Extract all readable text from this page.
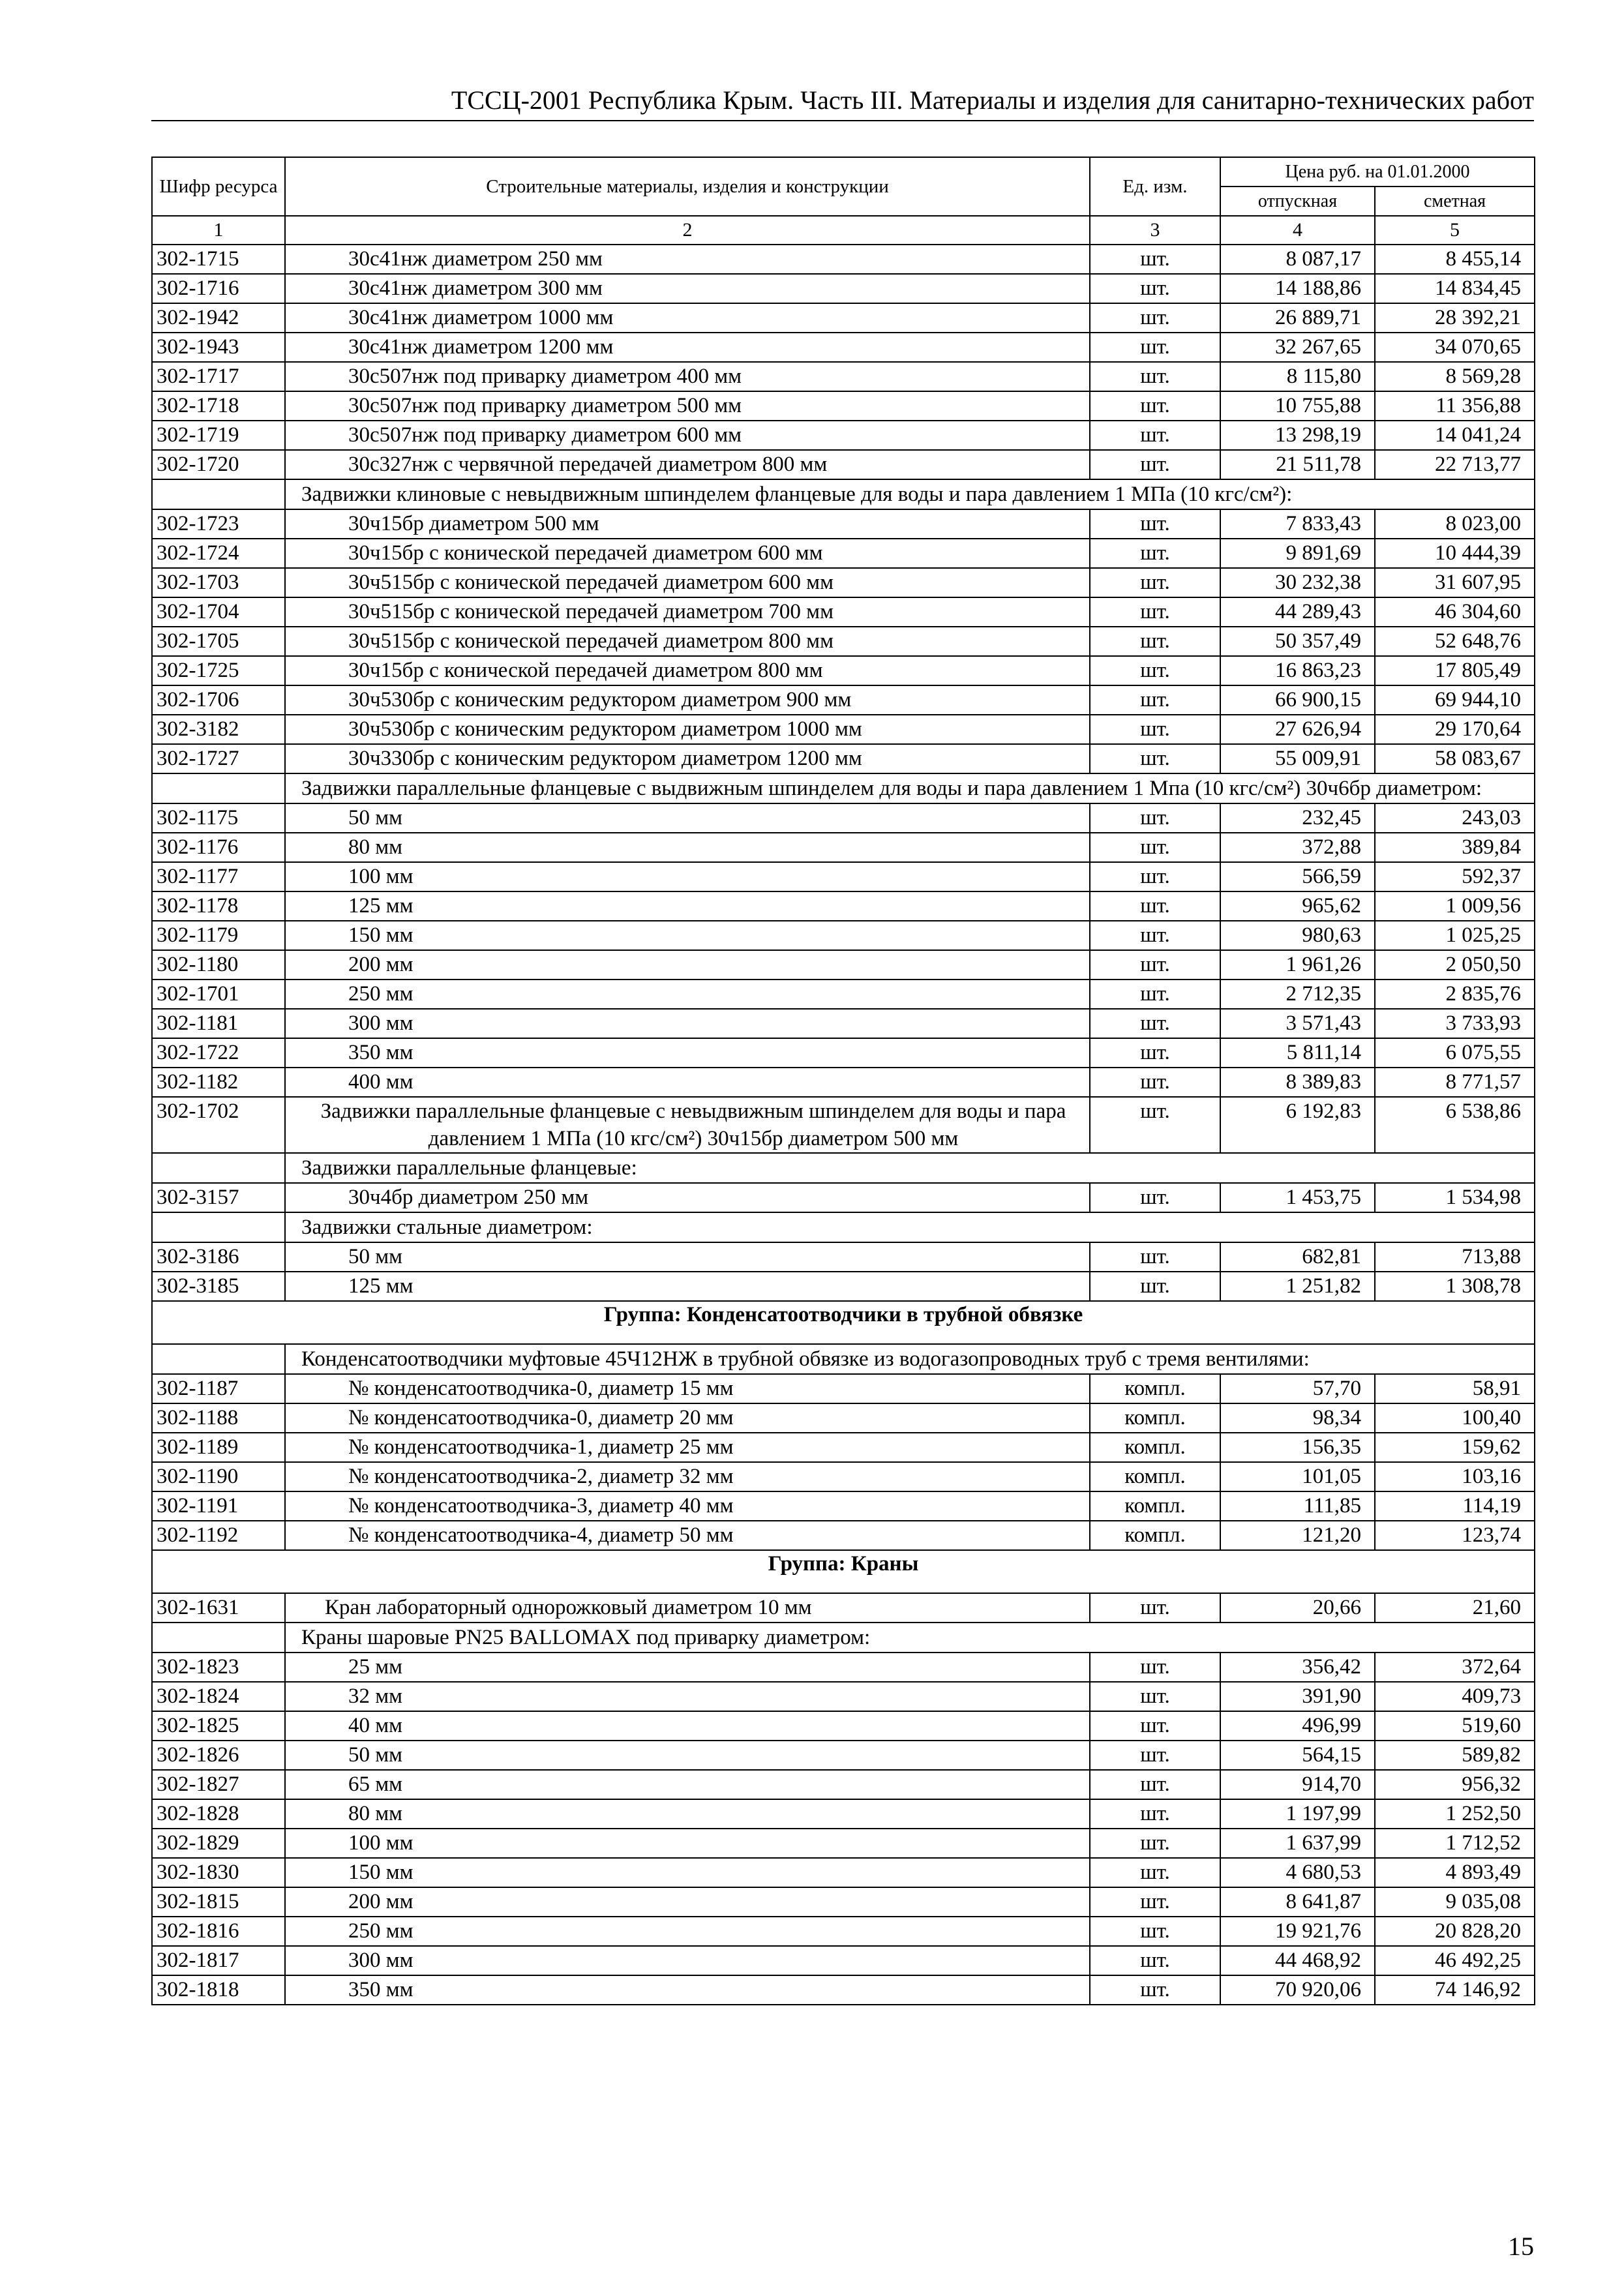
ТССЦ-2001 Республика Крым. Часть III. Материалы и изделия для санитарно-технических работ
Шифр ресурса	Строительные материалы, изделия и конструкции	Ед. изм.	Цена руб. на 01.01.2000	
			отпускная	сметная
1	2	3	4	5
302-1715	30с41нж диаметром 250 мм	шт.	8 087,17	8 455,14
302-1716	30с41нж диаметром 300 мм	шт.	14 188,86	14 834,45
302-1942	30с41нж диаметром 1000 мм	шт.	26 889,71	28 392,21
302-1943	30с41нж диаметром 1200 мм	шт.	32 267,65	34 070,65
302-1717	30с507нж под приварку диаметром 400 мм	шт.	8 115,80	8 569,28
302-1718	30с507нж под приварку диаметром 500 мм	шт.	10 755,88	11 356,88
302-1719	30с507нж под приварку диаметром 600 мм	шт.	13 298,19	14 041,24
302-1720	30с327нж с червячной передачей диаметром 800 мм	шт.	21 511,78	22 713,77
	Задвижки клиновые с невыдвижным шпинделем фланцевые для воды и пара давлением 1 МПа (10 кгс/см²):			
302-1723	30ч15бр диаметром 500 мм	шт.	7 833,43	8 023,00
302-1724	30ч15бр с конической передачей диаметром 600 мм	шт.	9 891,69	10 444,39
302-1703	30ч515бр с конической передачей диаметром 600 мм	шт.	30 232,38	31 607,95
302-1704	30ч515бр с конической передачей диаметром 700 мм	шт.	44 289,43	46 304,60
302-1705	30ч515бр с конической передачей диаметром 800 мм	шт.	50 357,49	52 648,76
302-1725	30ч15бр с конической передачей диаметром 800 мм	шт.	16 863,23	17 805,49
302-1706	30ч530бр с коническим редуктором диаметром 900 мм	шт.	66 900,15	69 944,10
302-3182	30ч530бр с коническим редуктором диаметром 1000 мм	шт.	27 626,94	29 170,64
302-1727	30ч330бр с коническим редуктором диаметром 1200 мм	шт.	55 009,91	58 083,67
	Задвижки параллельные фланцевые с выдвижным шпинделем для воды и пара давлением 1 Мпа (10 кгс/см²) 30ч6бр диаметром:			
302-1175	50 мм	шт.	232,45	243,03
302-1176	80 мм	шт.	372,88	389,84
302-1177	100 мм	шт.	566,59	592,37
302-1178	125 мм	шт.	965,62	1 009,56
302-1179	150 мм	шт.	980,63	1 025,25
302-1180	200 мм	шт.	1 961,26	2 050,50
302-1701	250 мм	шт.	2 712,35	2 835,76
302-1181	300 мм	шт.	3 571,43	3 733,93
302-1722	350 мм	шт.	5 811,14	6 075,55
302-1182	400 мм	шт.	8 389,83	8 771,57
302-1702	Задвижки параллельные фланцевые с невыдвижным шпинделем для воды и пара давлением 1 МПа (10 кгс/см²) 30ч15бр диаметром 500 мм	шт.	6 192,83	6 538,86
	Задвижки параллельные фланцевые:			
302-3157	30ч4бр диаметром 250 мм	шт.	1 453,75	1 534,98
	Задвижки стальные диаметром:			
302-3186	50 мм	шт.	682,81	713,88
302-3185	125 мм	шт.	1 251,82	1 308,78
Группа: Конденсатоотводчики в трубной обвязке				
	Конденсатоотводчики муфтовые 45Ч12НЖ в трубной обвязке из водогазопроводных труб с тремя вентилями:			
302-1187	№ конденсатоотводчика-0, диаметр 15 мм	компл.	57,70	58,91
302-1188	№ конденсатоотводчика-0, диаметр 20 мм	компл.	98,34	100,40
302-1189	№ конденсатоотводчика-1, диаметр 25 мм	компл.	156,35	159,62
302-1190	№ конденсатоотводчика-2, диаметр 32 мм	компл.	101,05	103,16
302-1191	№ конденсатоотводчика-3, диаметр 40 мм	компл.	111,85	114,19
302-1192	№ конденсатоотводчика-4, диаметр 50 мм	компл.	121,20	123,74
Группа: Краны				
302-1631	Кран лабораторный однорожковый диаметром 10 мм	шт.	20,66	21,60
	Краны шаровые PN25 BALLOMAX под приварку диаметром:			
302-1823	25 мм	шт.	356,42	372,64
302-1824	32 мм	шт.	391,90	409,73
302-1825	40 мм	шт.	496,99	519,60
302-1826	50 мм	шт.	564,15	589,82
302-1827	65 мм	шт.	914,70	956,32
302-1828	80 мм	шт.	1 197,99	1 252,50
302-1829	100 мм	шт.	1 637,99	1 712,52
302-1830	150 мм	шт.	4 680,53	4 893,49
302-1815	200 мм	шт.	8 641,87	9 035,08
302-1816	250 мм	шт.	19 921,76	20 828,20
302-1817	300 мм	шт.	44 468,92	46 492,25
302-1818	350 мм	шт.	70 920,06	74 146,92
15
